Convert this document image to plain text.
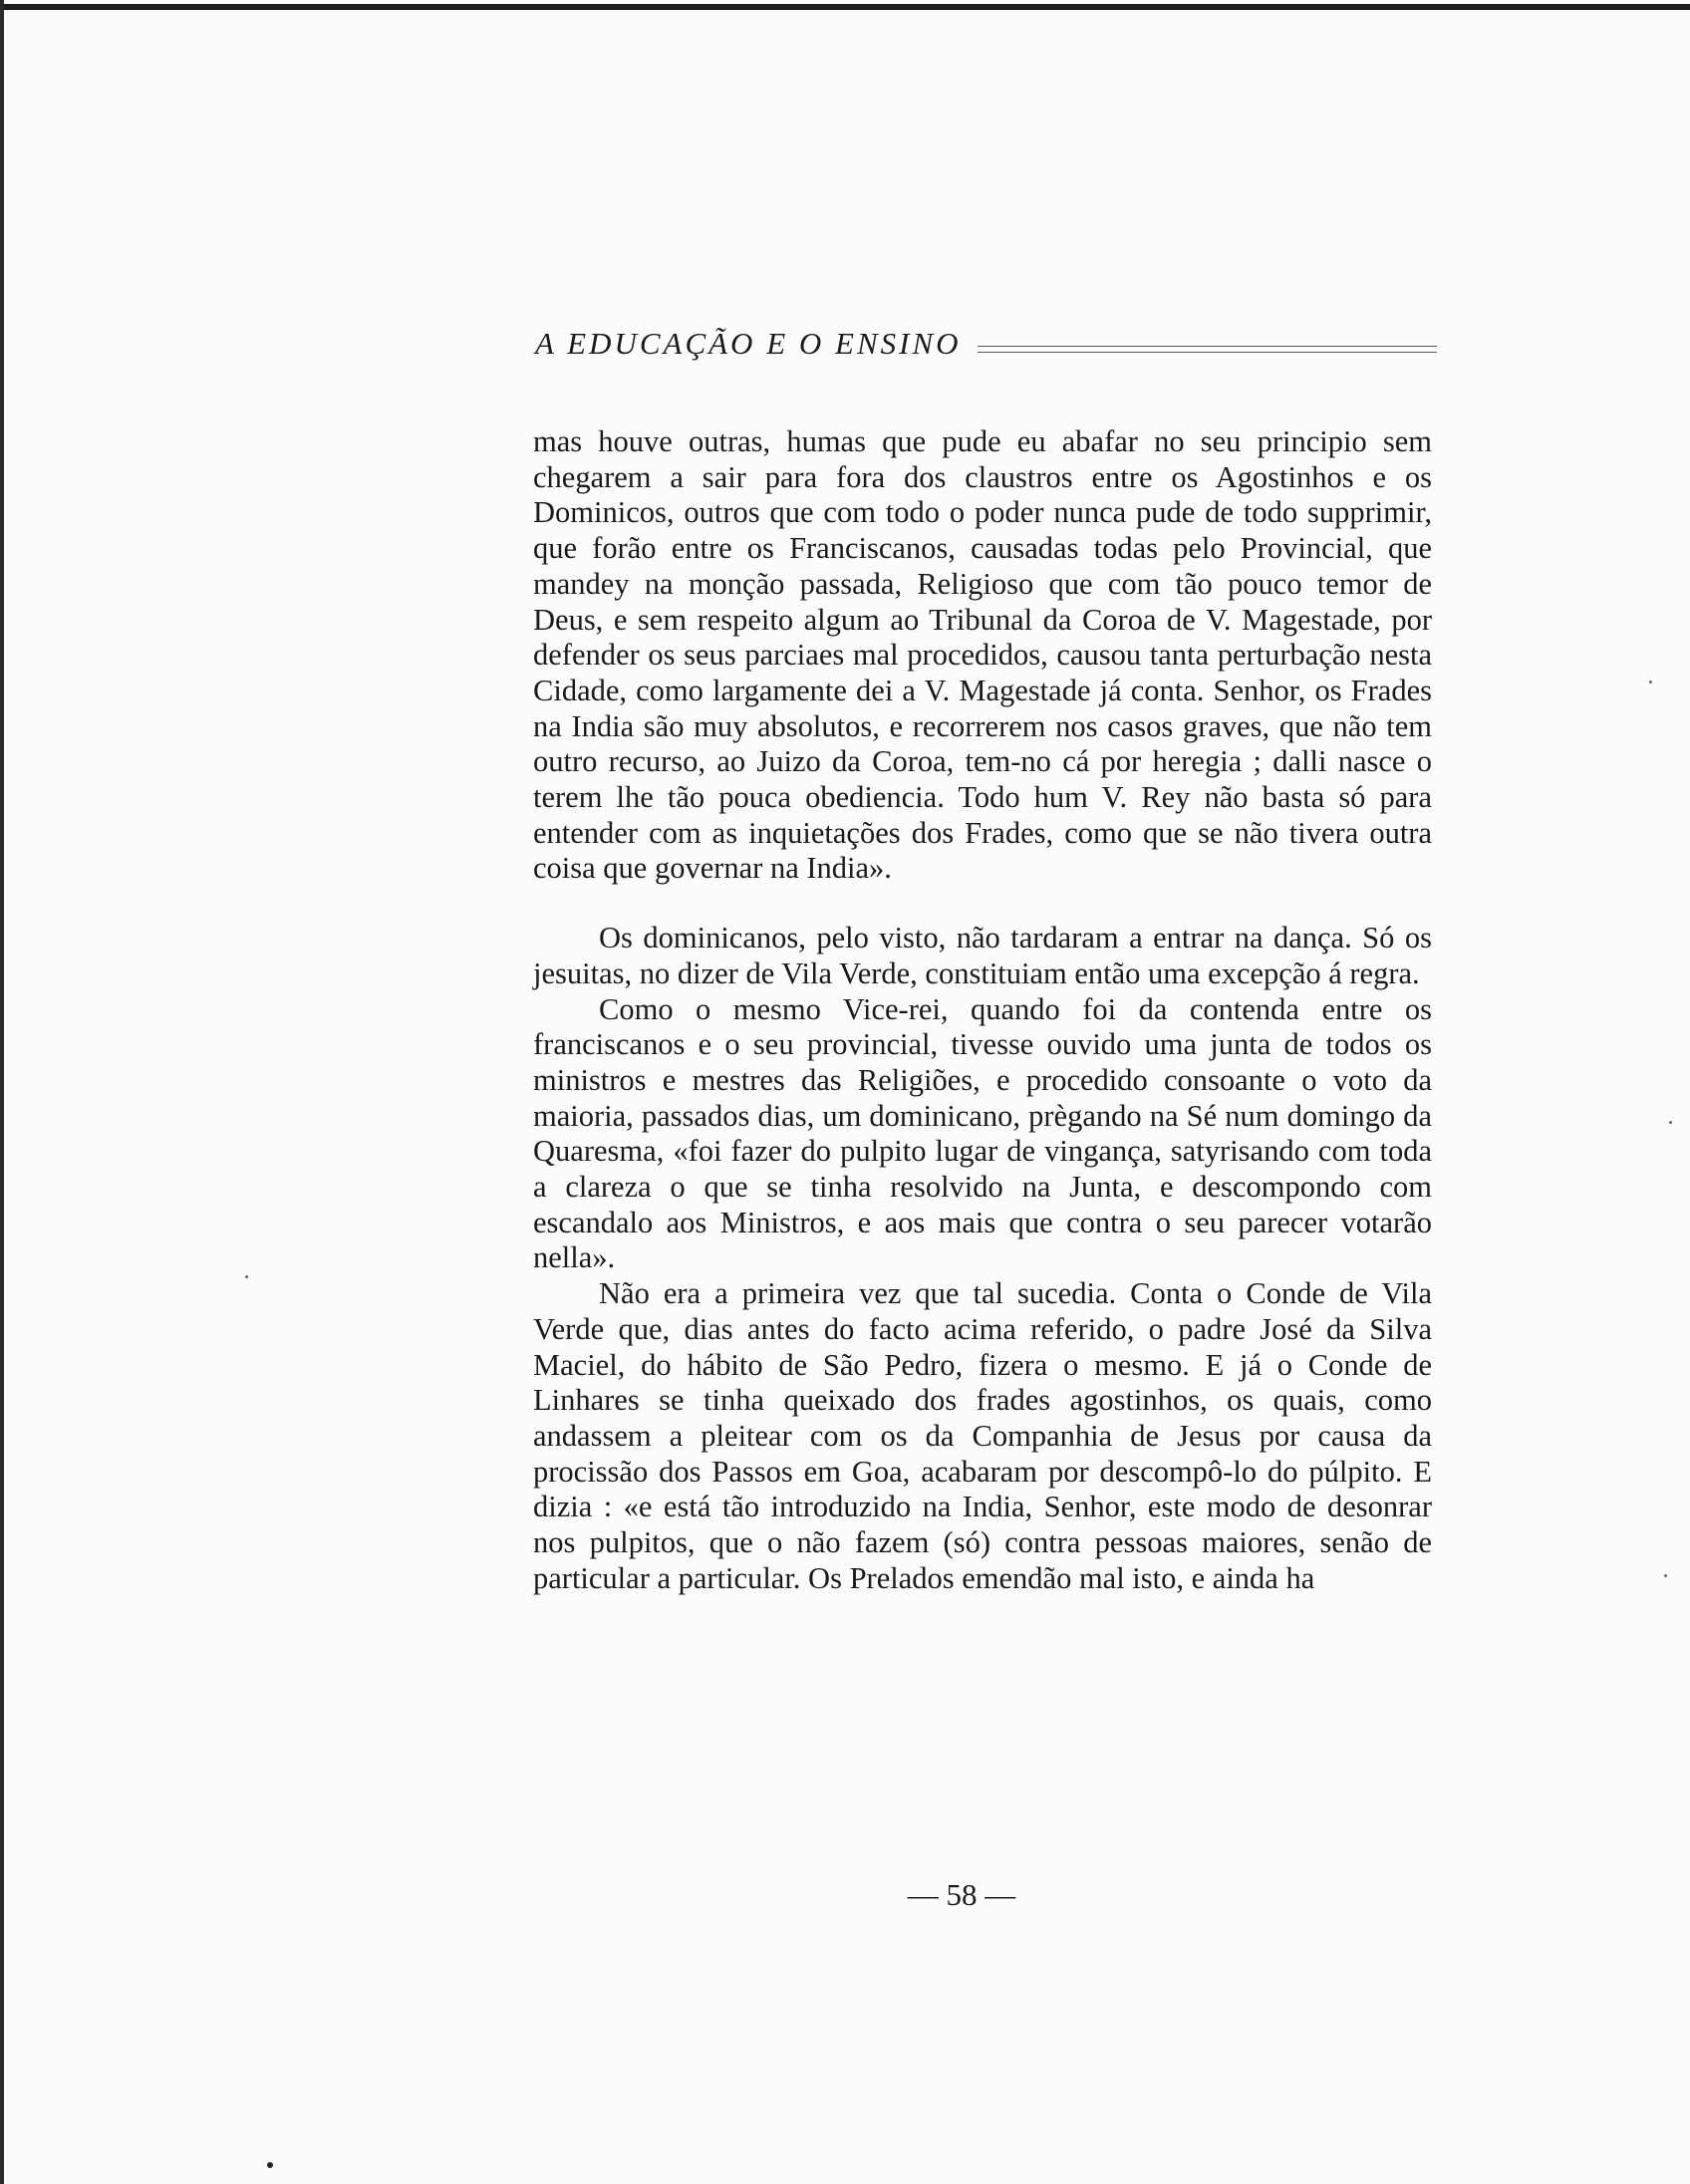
A EDUCAÇÃO E O ENSINO

mas houve outras, humas que pude eu abafar no seu principio sem chegarem a sair para fora dos claustros entre os Agostinhos e os Dominicos, outros que com todo o poder nunca pude de todo supprimir, que forão entre os Franciscanos, causadas todas pelo Provincial, que mandey na monção passada, Religioso que com tão pouco temor de Deus, e sem respeito algum ao Tribunal da Coroa de V. Magestade, por defender os seus parciaes mal procedidos, causou tanta perturbação nesta Cidade, como largamente dei a V. Magestade já conta. Senhor, os Frades na India são muy absolutos, e recorrerem nos casos graves, que não tem outro recurso, ao Juizo da Coroa, tem-no cá por heregia ; dalli nasce o terem lhe tão pouca obediencia. Todo hum V. Rey não basta só para entender com as inquietações dos Frades, como que se não tivera outra coisa que governar na India».

Os dominicanos, pelo visto, não tardaram a entrar na dança. Só os jesuitas, no dizer de Vila Verde, constituiam então uma excepção á regra.

Como o mesmo Vice-rei, quando foi da contenda entre os franciscanos e o seu provincial, tivesse ouvido uma junta de todos os ministros e mestres das Religiões, e procedido consoante o voto da maioria, passados dias, um dominicano, prègando na Sé num domingo da Quaresma, «foi fazer do pulpito lugar de vingança, satyrisando com toda a clareza o que se tinha resolvido na Junta, e descompondo com escandalo aos Ministros, e aos mais que contra o seu parecer votarão nella».

Não era a primeira vez que tal sucedia. Conta o Conde de Vila Verde que, dias antes do facto acima referido, o padre José da Silva Maciel, do hábito de São Pedro, fizera o mesmo. E já o Conde de Linhares se tinha queixado dos frades agostinhos, os quais, como andassem a pleitear com os da Companhia de Jesus por causa da procissão dos Passos em Goa, acabaram por descompô-lo do púlpito. E dizia : «e está tão introduzido na India, Senhor, este modo de desonrar nos pulpitos, que o não fazem (só) contra pessoas maiores, senão de particular a particular. Os Prelados emendão mal isto, e ainda ha

— 58 —
